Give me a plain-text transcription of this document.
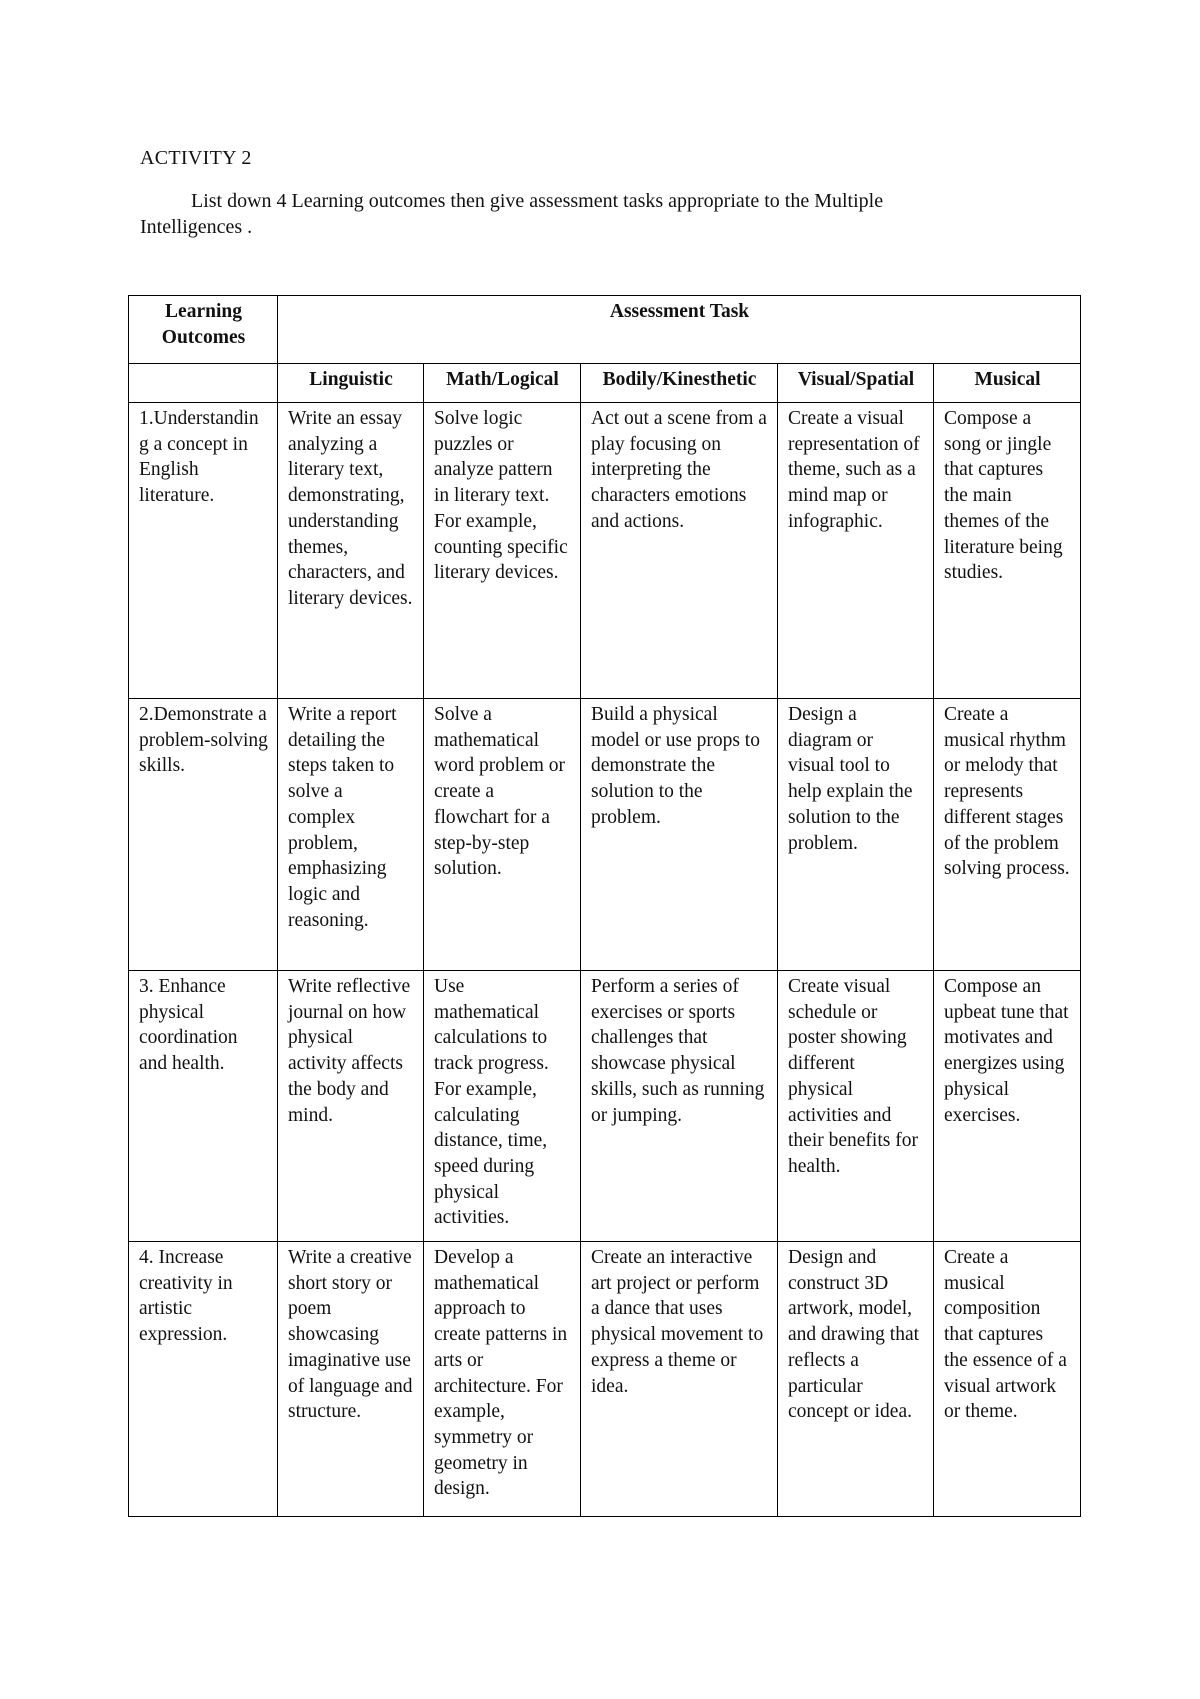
ACTIVITY 2
List down 4 Learning outcomes then give assessment tasks appropriate to the Multiple Intelligences .
Learning Outcomes	Assessment Task				

	Linguistic	Math/Logical	Bodily/Kinesthetic	Visual/Spatial	Musical
1.Understanding a concept in English literature.	Write an essay analyzing a literary text, demonstrating, understanding themes, characters, and literary devices.	Solve logic puzzles or analyze pattern in literary text. For example, counting specific literary devices.	Act out a scene from a play focusing on interpreting the characters emotions and actions.	Create a visual representation of theme, such as a mind map or infographic.	Compose a song or jingle that captures the main themes of the literature being studies.
2.Demonstrate a problem-solving skills.	Write a report detailing the steps taken to solve a complex problem, emphasizing logic and reasoning.	Solve a mathematical word problem or create a flowchart for a step-by-step solution.	Build a physical model or use props to demonstrate the solution to the problem.	Design a diagram or visual tool to help explain the solution to the problem.	Create a musical rhythm or melody that represents different stages of the problem solving process.
3. Enhance physical coordination and health.	Write reflective journal on how physical activity affects the body and mind.	Use mathematical calculations to track progress. For example, calculating distance, time, speed during physical activities.	Perform a series of exercises or sports challenges that showcase physical skills, such as running or jumping.	Create visual schedule or poster showing different physical activities and their benefits for health.	Compose an upbeat tune that motivates and energizes using physical exercises.
4. Increase creativity in artistic expression.	Write a creative short story or poem showcasing imaginative use of language and structure.	Develop a mathematical approach to create patterns in arts or architecture. For example, symmetry or geometry in design.	Create an interactive art project or perform a dance that uses physical movement to express a theme or idea.	Design and construct 3D artwork, model, and drawing that reflects a particular concept or idea.	Create a musical composition that captures the essence of a visual artwork or theme.
